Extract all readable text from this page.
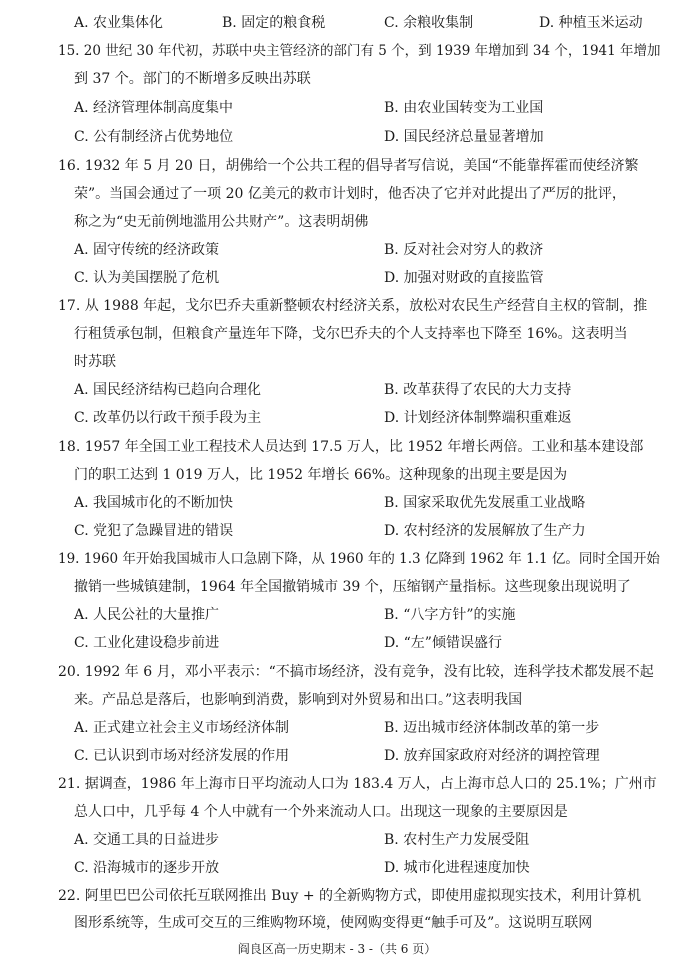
A. 农业集体化	B. 固定的粮食税	C. 余粮收集制	D. 种植玉米运动
15. 20 世纪 30 年代初，苏联中央主管经济的部门有 5 个，到 1939 年增加到 34 个，1941 年增加
到 37 个。部门的不断增多反映出苏联
A. 经济管理体制高度集中	B. 由农业国转变为工业国
C. 公有制经济占优势地位	D. 国民经济总量显著增加
16. 1932 年 5 月 20 日，胡佛给一个公共工程的倡导者写信说，美国“不能靠挥霍而使经济繁
荣”。当国会通过了一项 20 亿美元的救市计划时，他否决了它并对此提出了严厉的批评，
称之为“史无前例地滥用公共财产”。这表明胡佛
A. 固守传统的经济政策	B. 反对社会对穷人的救济
C. 认为美国摆脱了危机	D. 加强对财政的直接监管
17. 从 1988 年起，戈尔巴乔夫重新整顿农村经济关系，放松对农民生产经营自主权的管制，推
行租赁承包制，但粮食产量连年下降，戈尔巴乔夫的个人支持率也下降至 16%。这表明当
时苏联
A. 国民经济结构已趋向合理化	B. 改革获得了农民的大力支持
C. 改革仍以行政干预手段为主	D. 计划经济体制弊端积重难返
18. 1957 年全国工业工程技术人员达到 17.5 万人，比 1952 年增长两倍。工业和基本建设部
门的职工达到 1 019 万人，比 1952 年增长 66%。这种现象的出现主要是因为
A. 我国城市化的不断加快	B. 国家采取优先发展重工业战略
C. 党犯了急躁冒进的错误	D. 农村经济的发展解放了生产力
19. 1960 年开始我国城市人口急剧下降，从 1960 年的 1.3 亿降到 1962 年 1.1 亿。同时全国开始
撤销一些城镇建制，1964 年全国撤销城市 39 个，压缩钢产量指标。这些现象出现说明了
A. 人民公社的大量推广	B. “八字方针”的实施
C. 工业化建设稳步前进	D. “左”倾错误盛行
20. 1992 年 6 月，邓小平表示：“不搞市场经济，没有竞争，没有比较，连科学技术都发展不起
来。产品总是落后，也影响到消费，影响到对外贸易和出口。”这表明我国
A. 正式建立社会主义市场经济体制	B. 迈出城市经济体制改革的第一步
C. 已认识到市场对经济发展的作用	D. 放弃国家政府对经济的调控管理
21. 据调查，1986 年上海市日平均流动人口为 183.4 万人，占上海市总人口的 25.1%；广州市
总人口中，几乎每 4 个人中就有一个外来流动人口。出现这一现象的主要原因是
A. 交通工具的日益进步	B. 农村生产力发展受阻
C. 沿海城市的逐步开放	D. 城市化进程速度加快
22. 阿里巴巴公司依托互联网推出 Buy + 的全新购物方式，即使用虚拟现实技术，利用计算机
图形系统等，生成可交互的三维购物环境，使网购变得更“触手可及”。这说明互联网
阎良区高一历史期末 - 3 -（共 6 页）
